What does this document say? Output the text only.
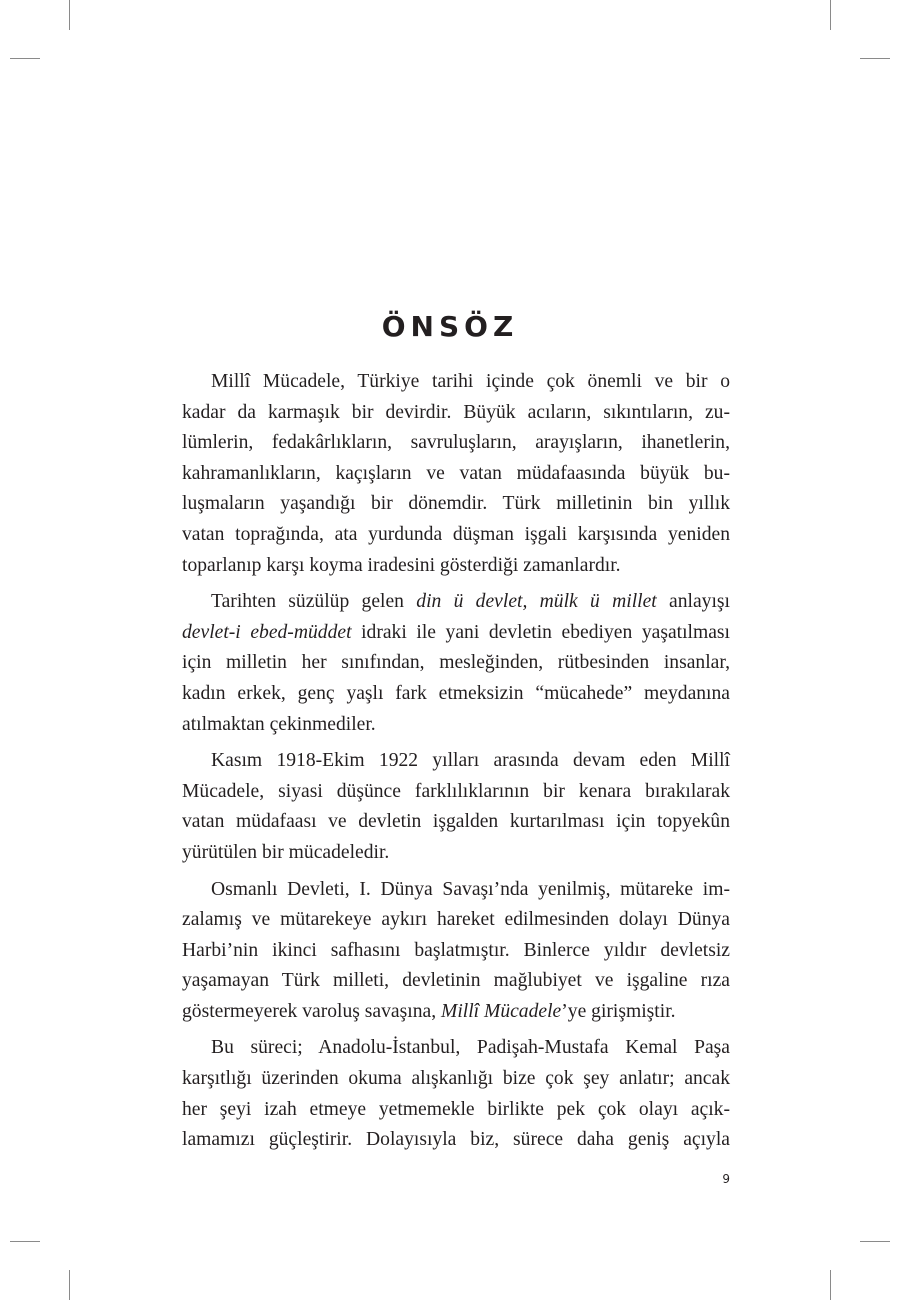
ÖNSÖZ

Millî Mücadele, Türkiye tarihi içinde çok önemli ve bir o
kadar da karmaşık bir devirdir. Büyük acıların, sıkıntıların, zu-
lümlerin, fedakârlıkların, savruluşların, arayışların, ihanetlerin,
kahramanlıkların, kaçışların ve vatan müdafaasında büyük bu-
luşmaların yaşandığı bir dönemdir. Türk milletinin bin yıllık
vatan toprağında, ata yurdunda düşman işgali karşısında yeniden
toparlanıp karşı koyma iradesini gösterdiği zamanlardır.

Tarihten süzülüp gelen din ü devlet, mülk ü millet anlayışı
devlet-i ebed-müddet idraki ile yani devletin ebediyen yaşatılması
için milletin her sınıfından, mesleğinden, rütbesinden insanlar,
kadın erkek, genç yaşlı fark etmeksizin “mücahede” meydanına
atılmaktan çekinmediler.

Kasım 1918-Ekim 1922 yılları arasında devam eden Millî
Mücadele, siyasi düşünce farklılıklarının bir kenara bırakılarak
vatan müdafaası ve devletin işgalden kurtarılması için topyekûn
yürütülen bir mücadeledir.

Osmanlı Devleti, I. Dünya Savaşı’nda yenilmiş, mütareke im-
zalamış ve mütarekeye aykırı hareket edilmesinden dolayı Dünya
Harbi’nin ikinci safhasını başlatmıştır. Binlerce yıldır devletsiz
yaşamayan Türk milleti, devletinin mağlubiyet ve işgaline rıza
göstermeyerek varoluş savaşına, Millî Mücadele’ye girişmiştir.

Bu süreci; Anadolu-İstanbul, Padişah-Mustafa Kemal Paşa
karşıtlığı üzerinden okuma alışkanlığı bize çok şey anlatır; ancak
her şeyi izah etmeye yetmemekle birlikte pek çok olayı açık-
lamamızı güçleştirir. Dolayısıyla biz, sürece daha geniş açıyla

9
